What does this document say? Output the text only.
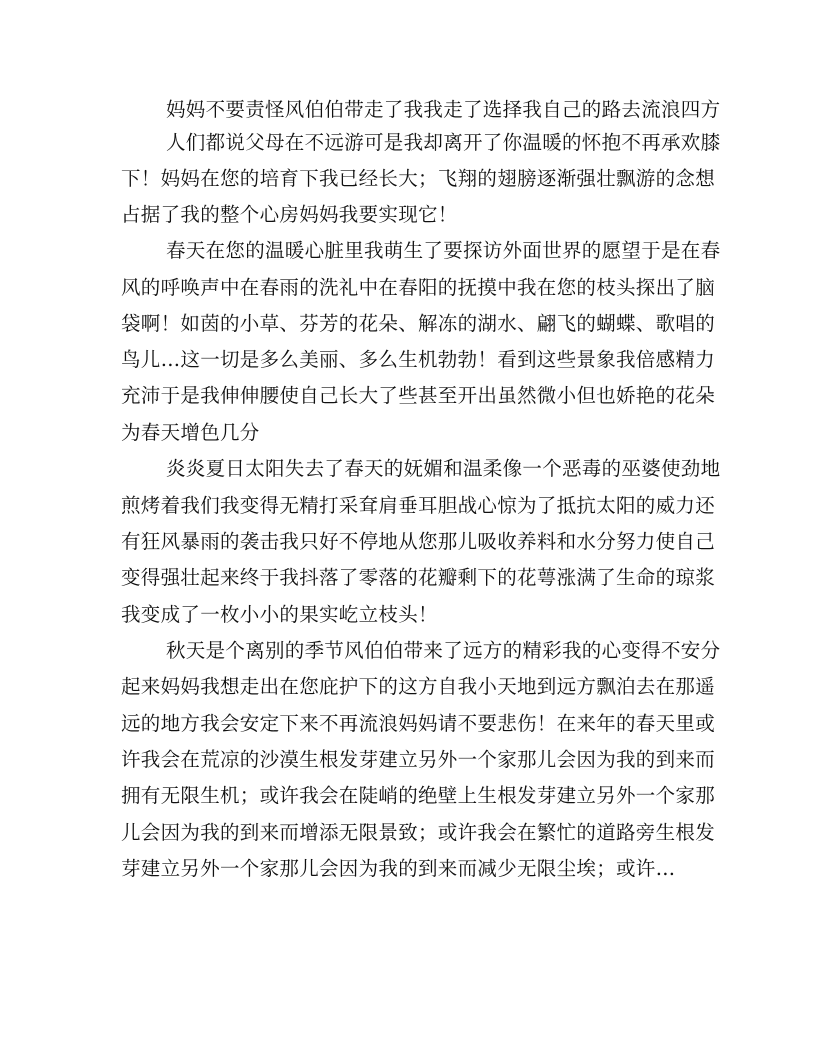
妈妈不要责怪风伯伯带走了我我走了选择我自己的路去流浪四方
人们都说父母在不远游可是我却离开了你温暖的怀抱不再承欢膝
下！妈妈在您的培育下我已经长大；飞翔的翅膀逐渐强壮飘游的念想
占据了我的整个心房妈妈我要实现它！
春天在您的温暖心脏里我萌生了要探访外面世界的愿望于是在春
风的呼唤声中在春雨的洗礼中在春阳的抚摸中我在您的枝头探出了脑
袋啊！如茵的小草、芬芳的花朵、解冻的湖水、翩飞的蝴蝶、歌唱的
鸟儿…这一切是多么美丽、多么生机勃勃！看到这些景象我倍感精力
充沛于是我伸伸腰使自己长大了些甚至开出虽然微小但也娇艳的花朵
为春天增色几分
炎炎夏日太阳失去了春天的妩媚和温柔像一个恶毒的巫婆使劲地
煎烤着我们我变得无精打采耷肩垂耳胆战心惊为了抵抗太阳的威力还
有狂风暴雨的袭击我只好不停地从您那儿吸收养料和水分努力使自己
变得强壮起来终于我抖落了零落的花瓣剩下的花萼涨满了生命的琼浆
我变成了一枚小小的果实屹立枝头！
秋天是个离别的季节风伯伯带来了远方的精彩我的心变得不安分
起来妈妈我想走出在您庇护下的这方自我小天地到远方飘泊去在那遥
远的地方我会安定下来不再流浪妈妈请不要悲伤！在来年的春天里或
许我会在荒凉的沙漠生根发芽建立另外一个家那儿会因为我的到来而
拥有无限生机；或许我会在陡峭的绝壁上生根发芽建立另外一个家那
儿会因为我的到来而增添无限景致；或许我会在繁忙的道路旁生根发
芽建立另外一个家那儿会因为我的到来而减少无限尘埃；或许…
